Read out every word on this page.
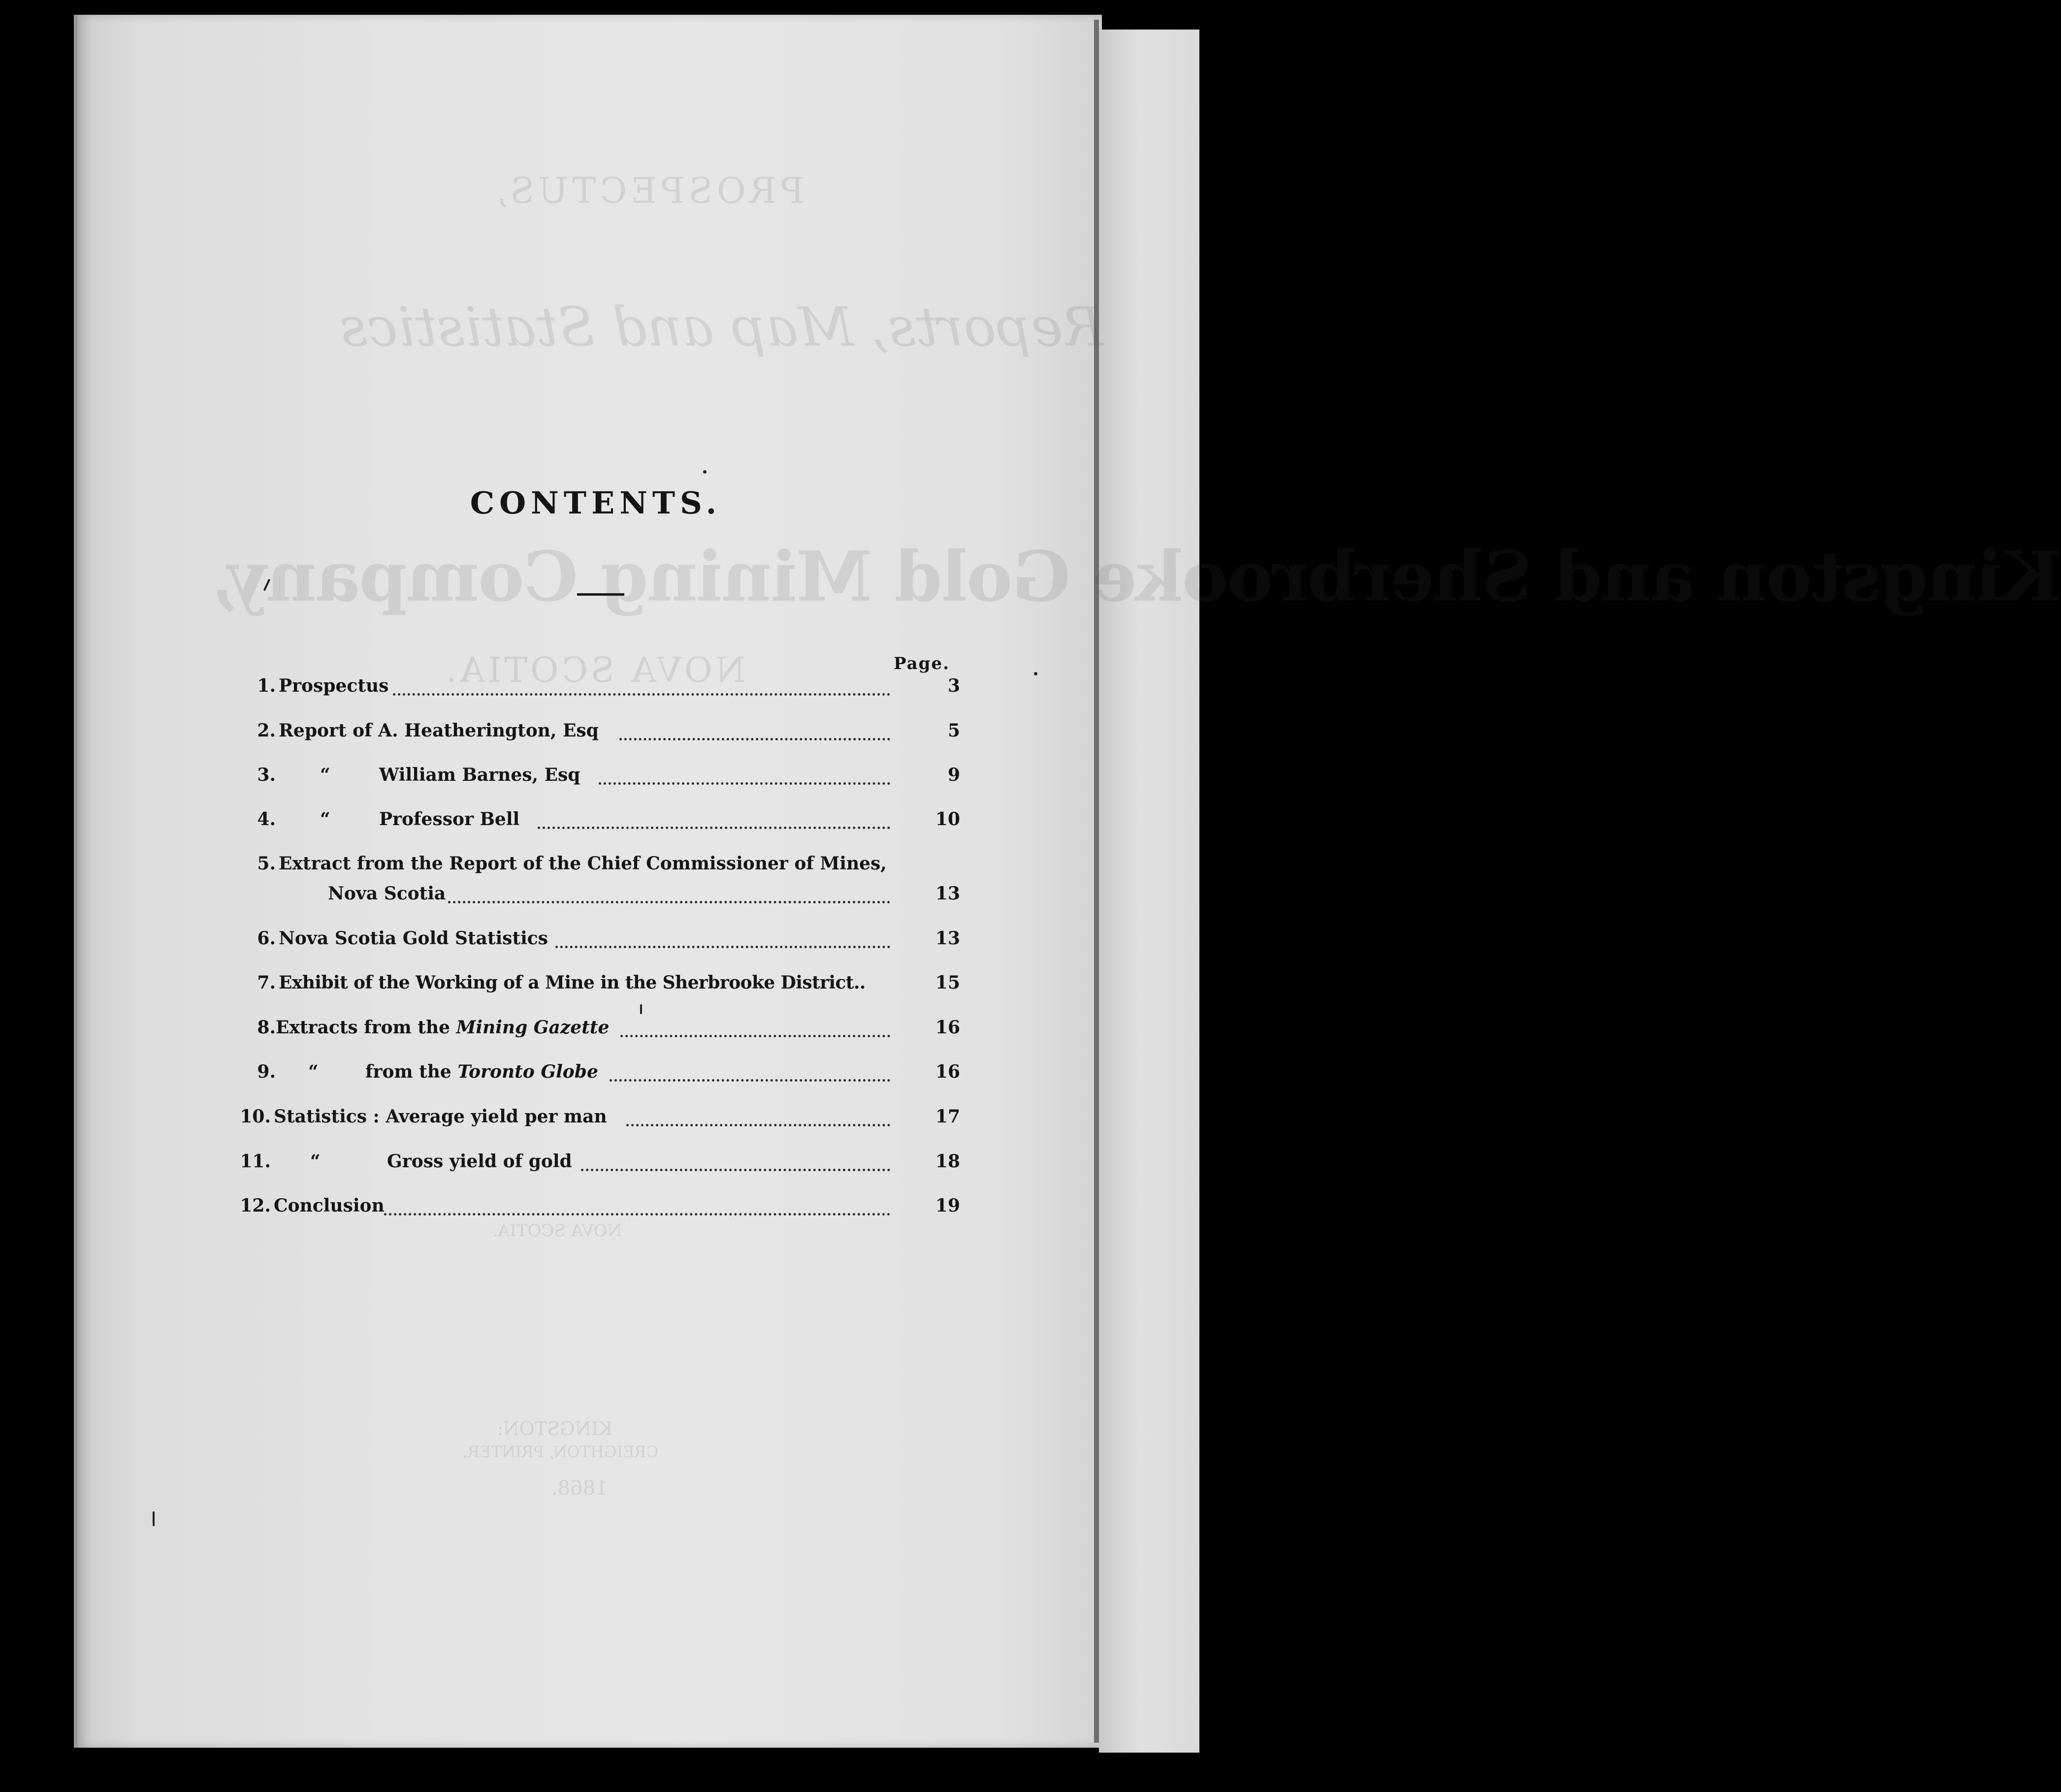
Kingston and Sherbrooke
CONTENTS.
Page.
1. Prospectus	3
2. Report of A. Heatherington, Esq	5
3.	“	William Barnes, Esq	9
4.	“	Professor Bell	10
5. Extract from the Report of the Chief Commissioner of Mines,
Nova Scotia	13
6. Nova Scotia Gold Statistics	13
7. Exhibit of the Working of a Mine in the Sherbrooke District..	15
8. Extracts from the Mining Gazette	16
9. “	from the Toronto Globe	16
10. Statistics : Average yield per man	17
11. “	Gross yield of gold	18
12. Conclusion	19
